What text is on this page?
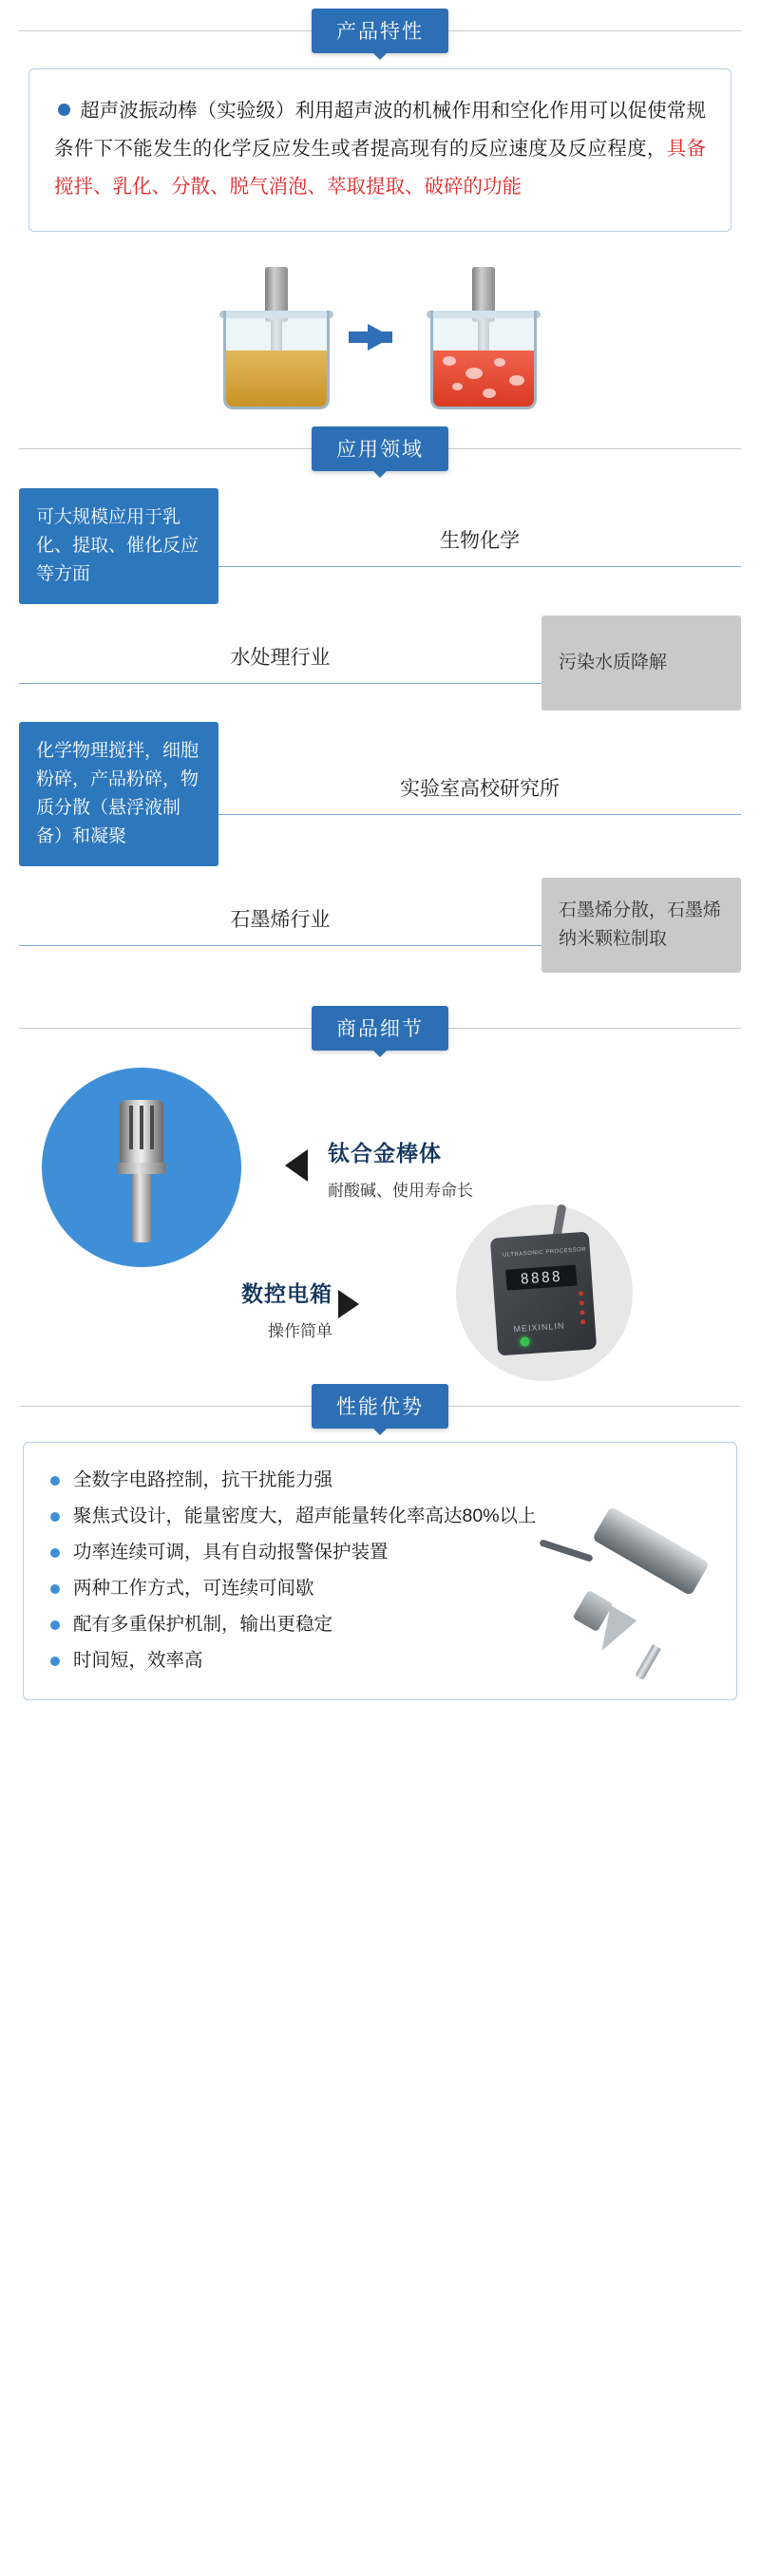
产品特性

超声波振动棒（实验级）利用超声波的机械作用和空化作用可以促使常规条件下不能发生的化学反应发生或者提高现有的反应速度及反应程度，具备搅拌、乳化、分散、脱气消泡、萃取提取、破碎的功能

应用领域
可大规模应用于乳化、提取、催化反应等方面
生物化学
水处理行业	污染水质降解
化学物理搅拌，细胞粉碎，产品粉碎，物质分散（悬浮液制备）和凝聚
实验室高校研究所
石墨烯行业	石墨烯分散，石墨烯纳米颗粒制取
商品细节
钛合金棒体
耐酸碱、使用寿命长
ULTRASONIC PROCESSOR
8888
MEIXINLIN
数控电箱
操作简单
性能优势
全数字电路控制，抗干扰能力强
聚焦式设计，能量密度大，超声能量转化率高达80%以上
功率连续可调，具有自动报警保护装置
两种工作方式，可连续可间歇
配有多重保护机制，输出更稳定
时间短，效率高
